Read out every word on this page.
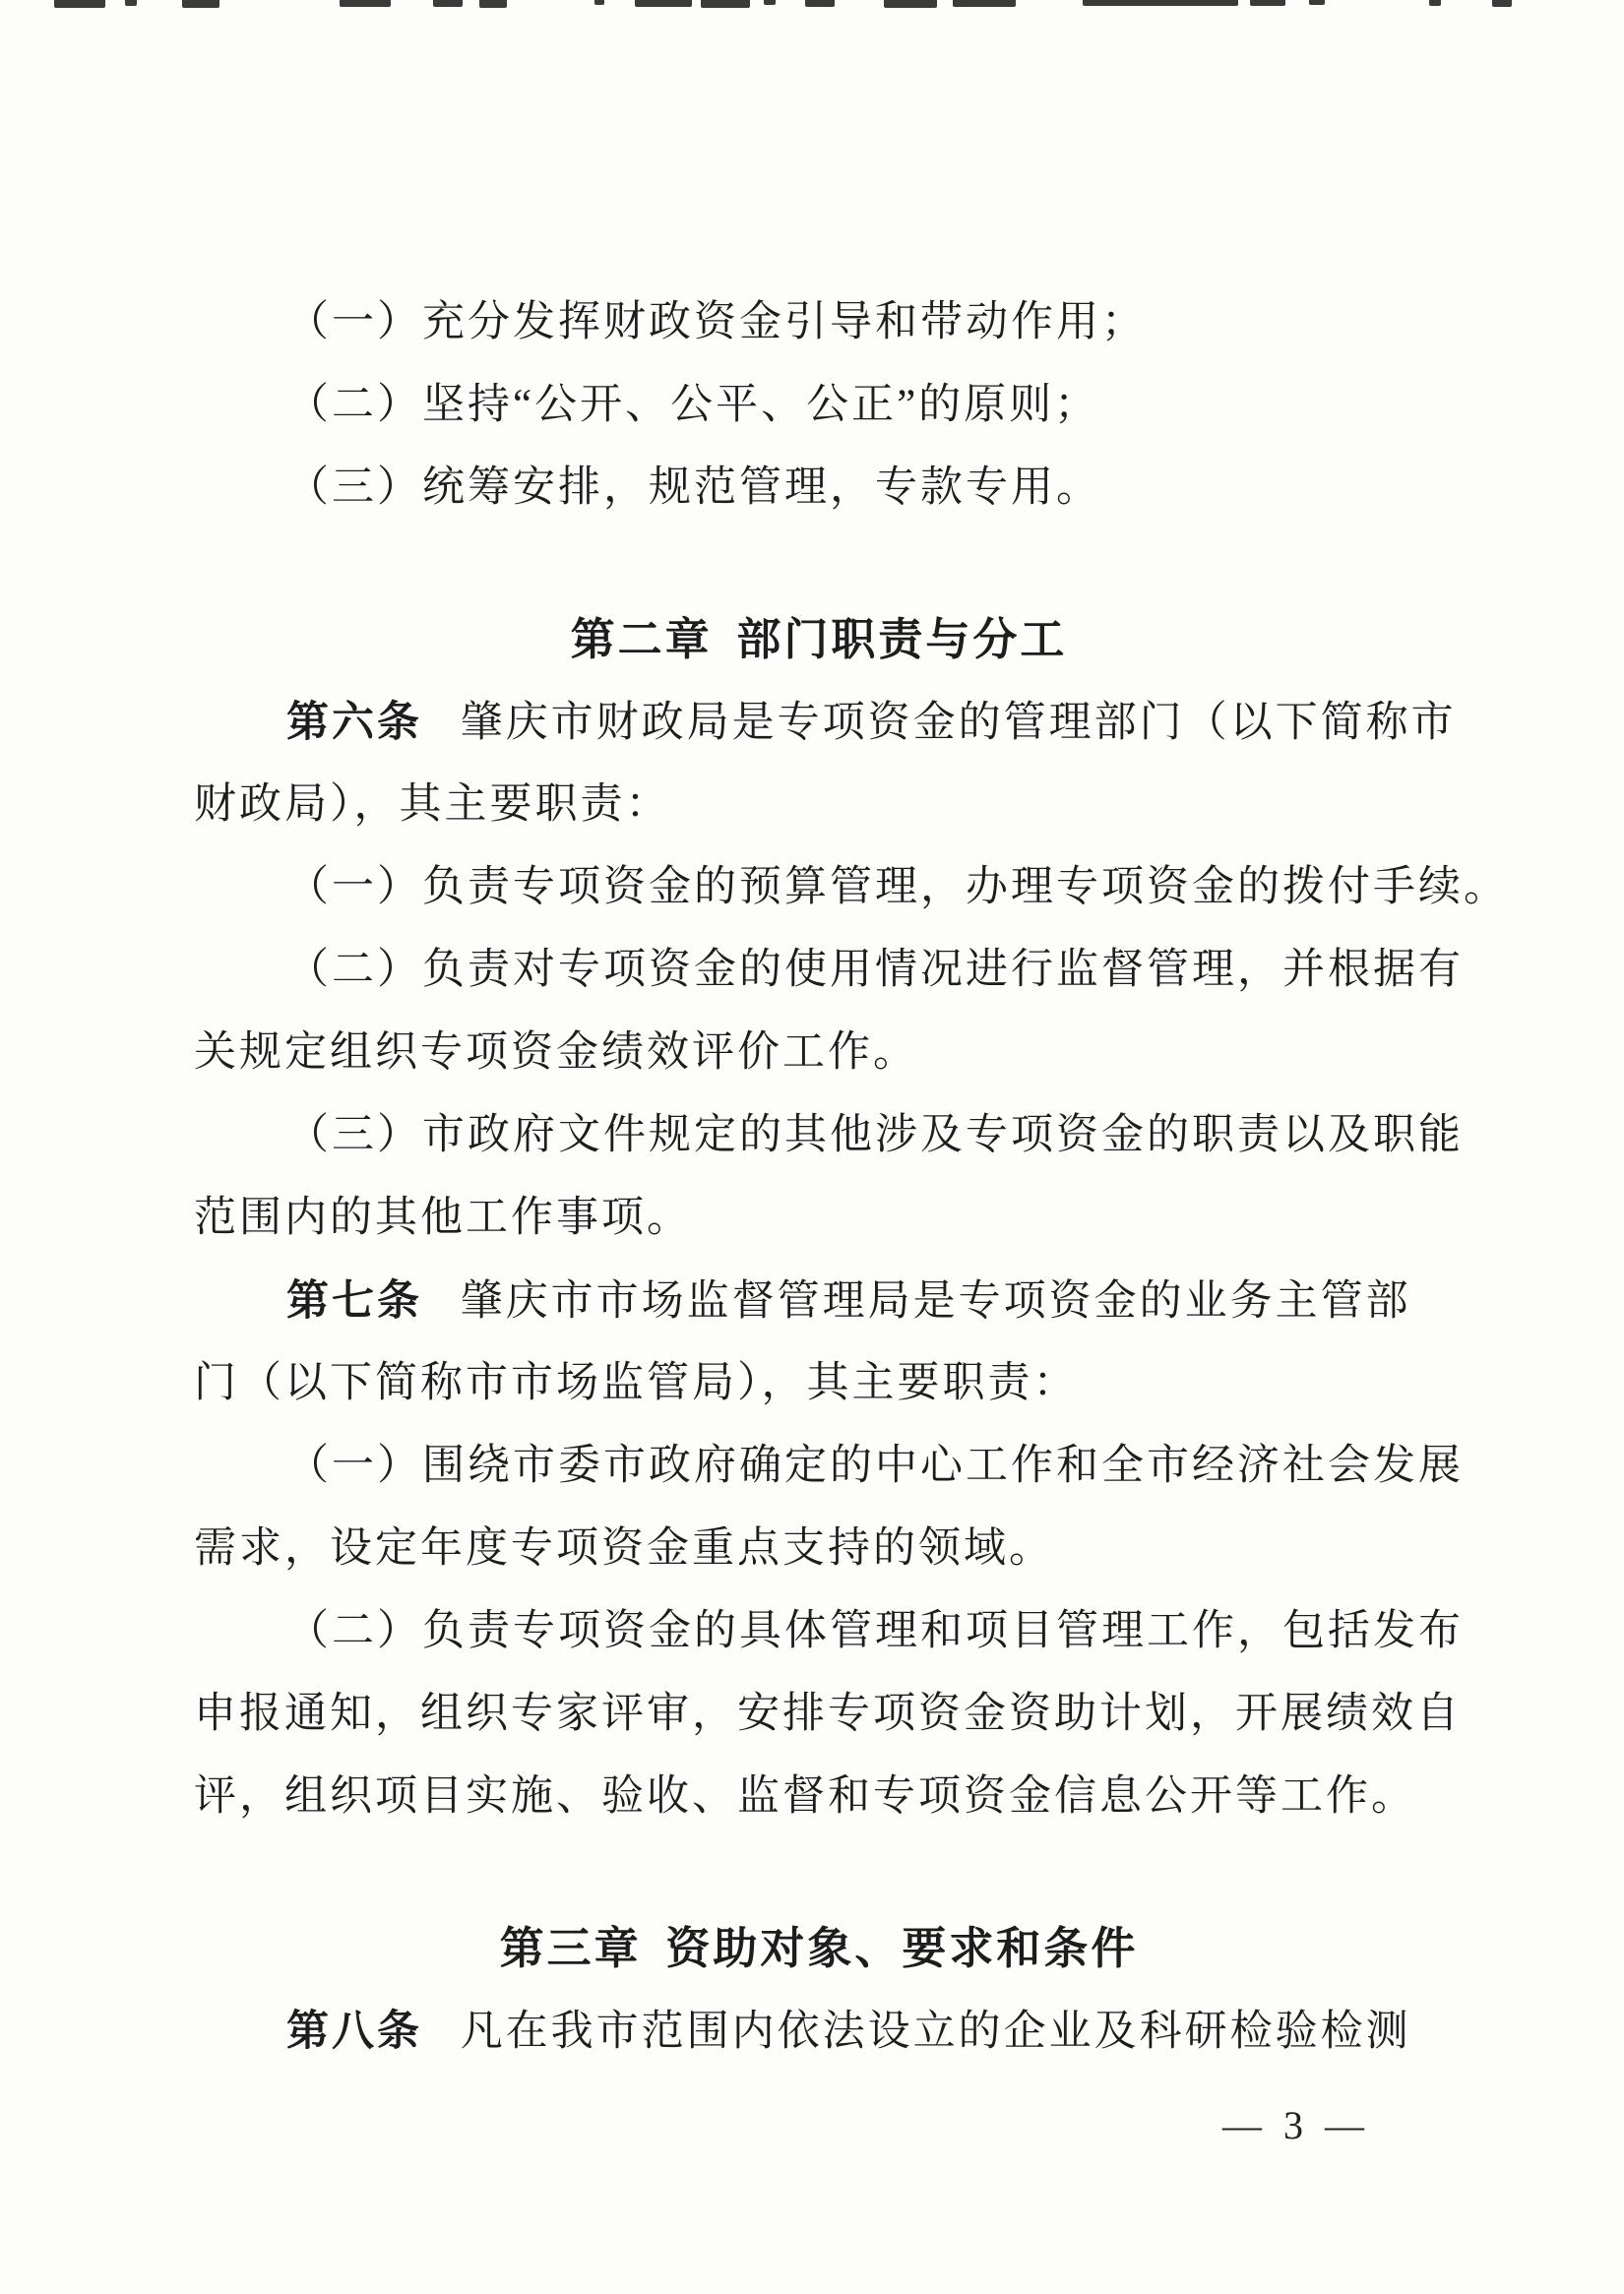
（一）充分发挥财政资金引导和带动作用；
（二）坚持“公开、公平、公正”的原则；
（三）统筹安排，规范管理，专款专用。
第二章 部门职责与分工
第六条 肇庆市财政局是专项资金的管理部门（以下简称市
财政局），其主要职责：
（一）负责专项资金的预算管理，办理专项资金的拨付手续。
（二）负责对专项资金的使用情况进行监督管理，并根据有
关规定组织专项资金绩效评价工作。
（三）市政府文件规定的其他涉及专项资金的职责以及职能
范围内的其他工作事项。
第七条 肇庆市市场监督管理局是专项资金的业务主管部
门（以下简称市市场监管局），其主要职责：
（一）围绕市委市政府确定的中心工作和全市经济社会发展
需求，设定年度专项资金重点支持的领域。
（二）负责专项资金的具体管理和项目管理工作，包括发布
申报通知，组织专家评审，安排专项资金资助计划，开展绩效自
评，组织项目实施、验收、监督和专项资金信息公开等工作。
第三章 资助对象、要求和条件
第八条 凡在我市范围内依法设立的企业及科研检验检测
— 3 —
